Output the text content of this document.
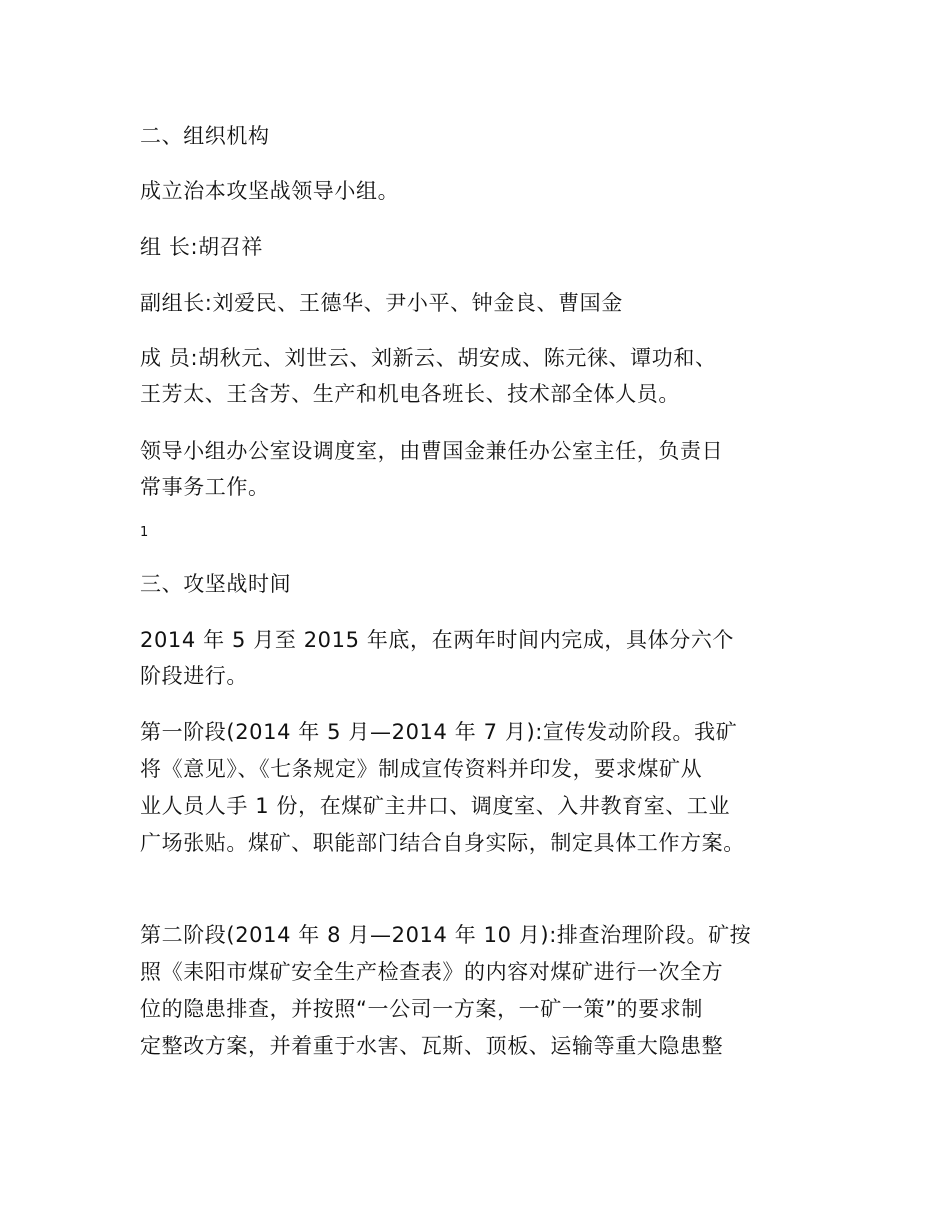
二、组织机构
成立治本攻坚战领导小组。
组 长:胡召祥
副组长:刘爱民、王德华、尹小平、钟金良、曹国金
成 员:胡秋元、刘世云、刘新云、胡安成、陈元徕、谭功和、
王芳太、王含芳、生产和机电各班长、技术部全体人员。
领导小组办公室设调度室，由曹国金兼任办公室主任，负责日
常事务工作。
1
三、攻坚战时间
2014 年 5 月至 2015 年底，在两年时间内完成，具体分六个
阶段进行。
第一阶段(2014 年 5 月—2014 年 7 月):宣传发动阶段。我矿
将《意见》、《七条规定》制成宣传资料并印发，要求煤矿从
业人员人手 1 份，在煤矿主井口、调度室、入井教育室、工业
广场张贴。煤矿、职能部门结合自身实际，制定具体工作方案。
第二阶段(2014 年 8 月—2014 年 10 月):排查治理阶段。矿按
照《耒阳市煤矿安全生产检查表》的内容对煤矿进行一次全方
位的隐患排查，并按照“一公司一方案，一矿一策”的要求制
定整改方案，并着重于水害、瓦斯、顶板、运输等重大隐患整
